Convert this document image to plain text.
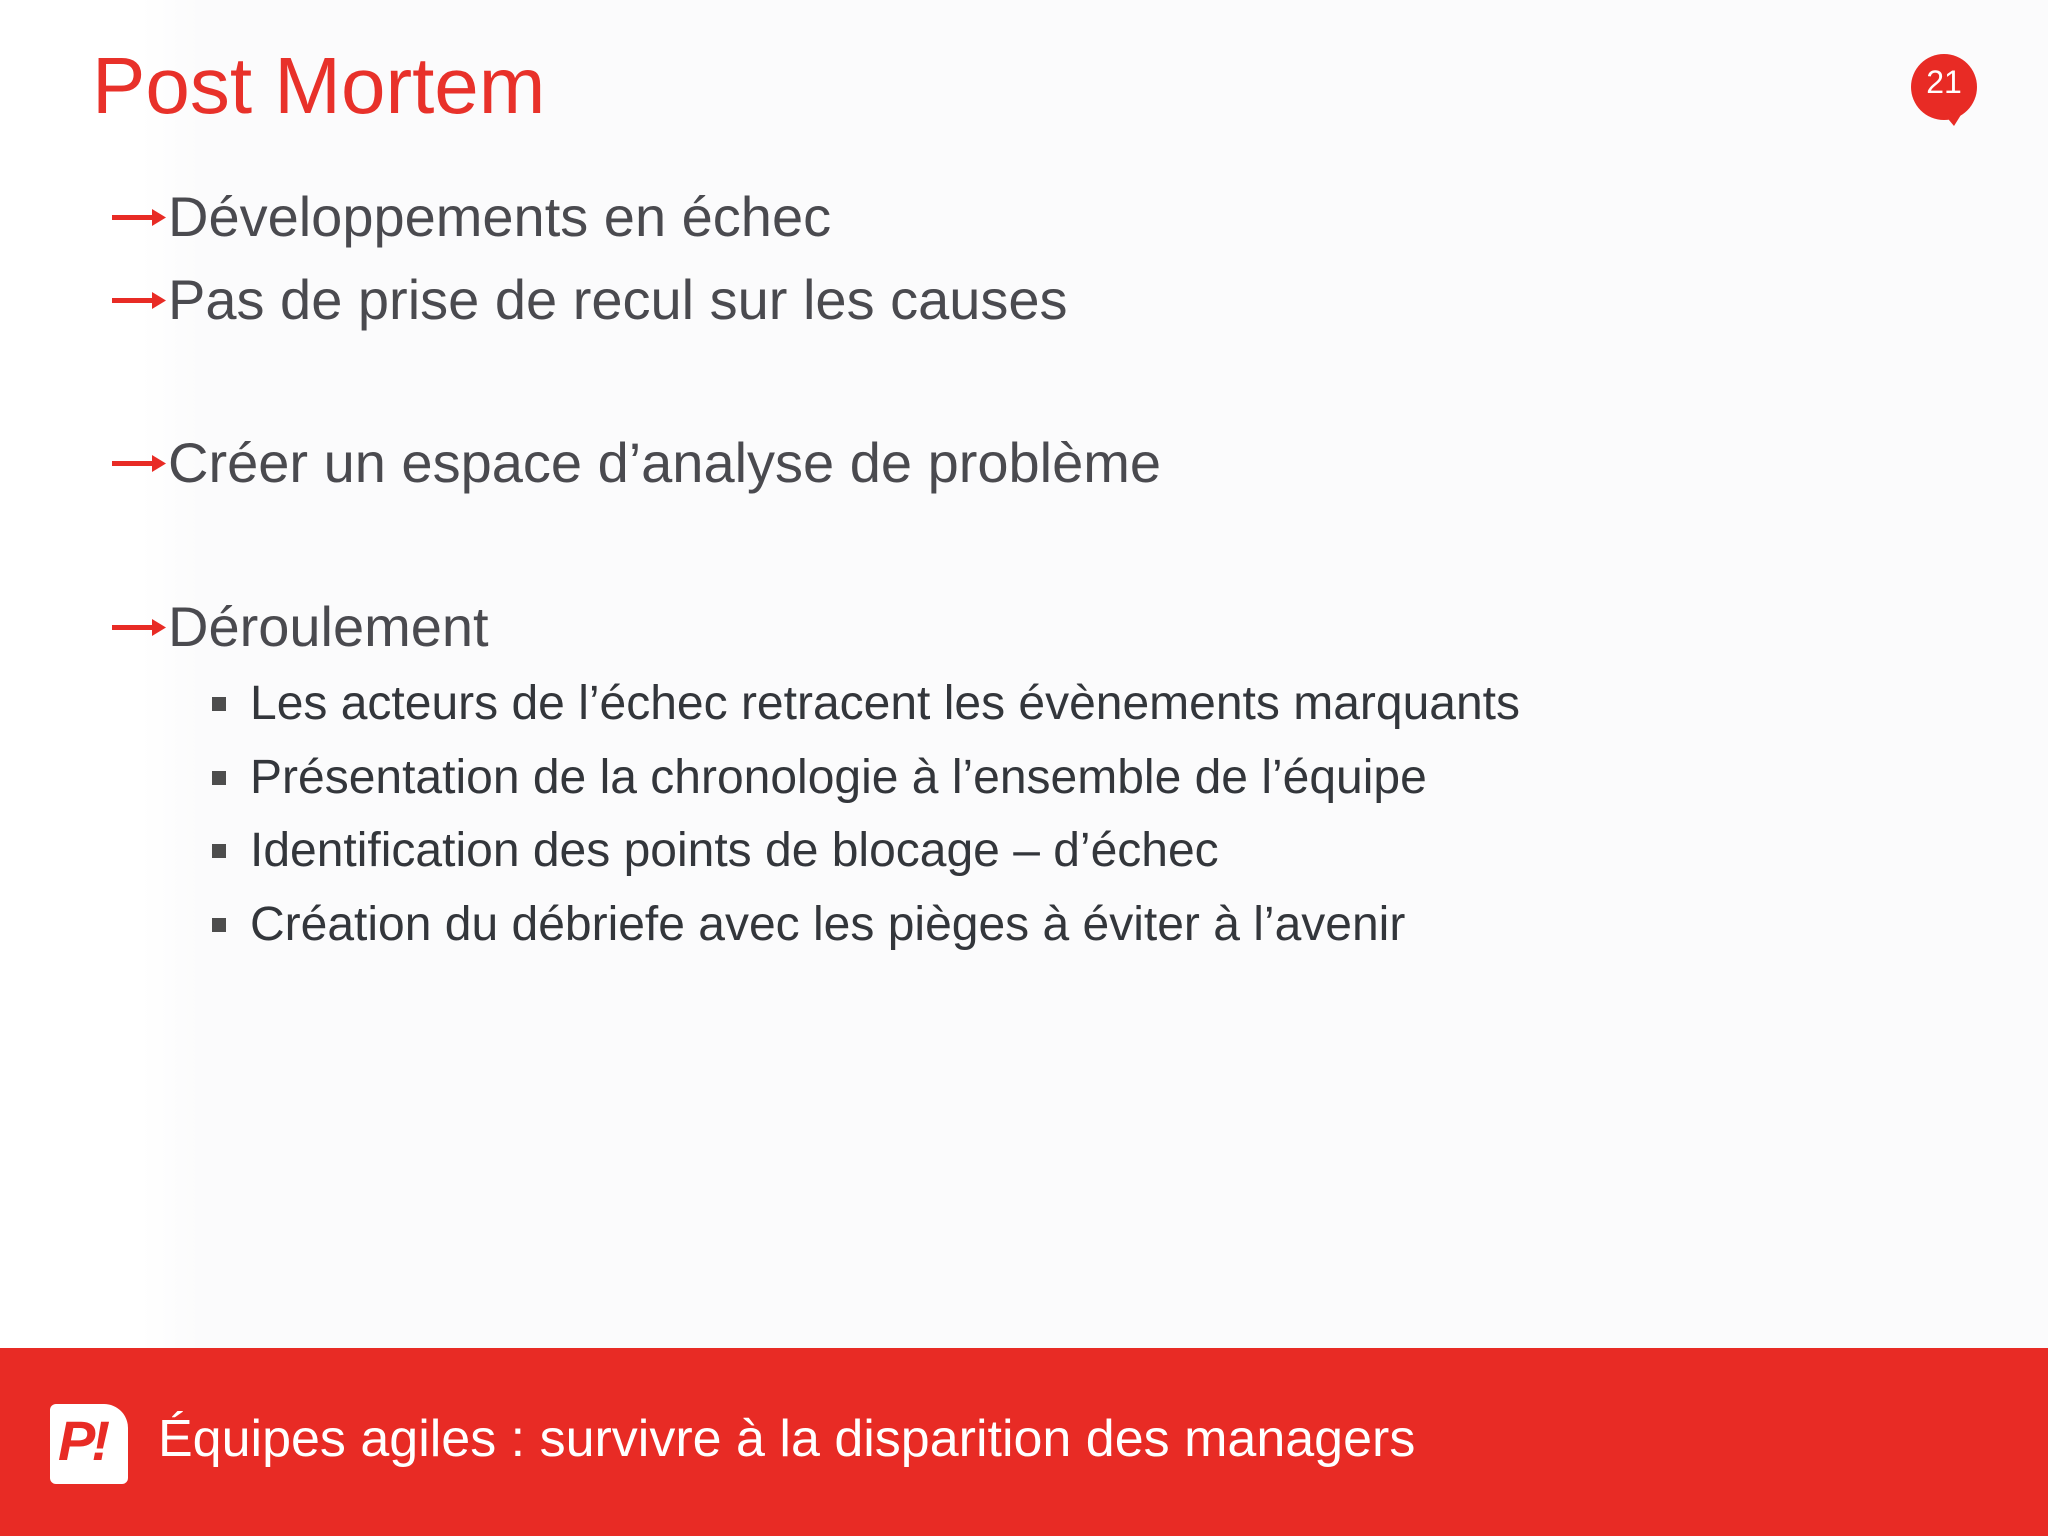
Post Mortem	21
Développements en échec
Pas de prise de recul sur les causes
Créer un espace d’analyse de problème
Déroulement
Les acteurs de l’échec retracent les évènements marquants
Présentation de la chronologie à l’ensemble de l’équipe
Identification des points de blocage – d’échec
Création du débriefe avec les pièges à éviter à l’avenir
P! Équipes agiles : survivre à la disparition des managers
